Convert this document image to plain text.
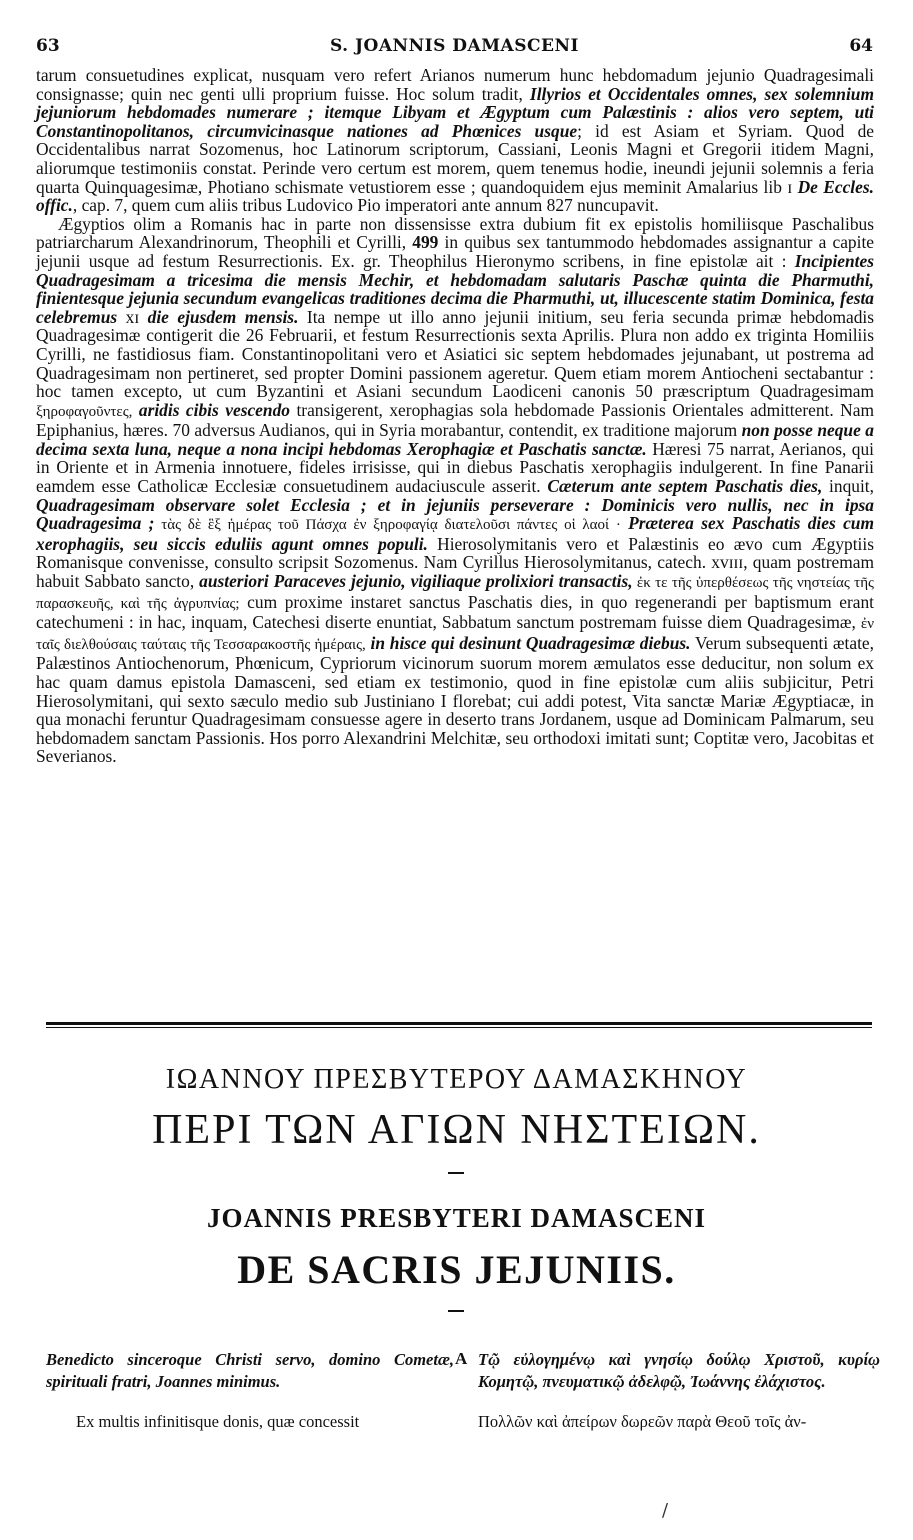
63	S. JOANNIS DAMASCENI	64

tarum consuetudines explicat, nusquam vero refert Arianos numerum hunc hebdomadum jejunio Quadragesimali consignasse; quin nec genti ulli proprium fuisse. Hoc solum tradit, Illyrios et Occidentales omnes, sex solemnium jejuniorum hebdomades numerare ; itemque Libyam et Ægyptum cum Palæstinis : alios vero septem, uti Constantinopolitanos, circumvicinasque nationes ad Phœnices usque; id est Asiam et Syriam. Quod de Occidentalibus narrat Sozomenus, hoc Latinorum scriptorum, Cassiani, Leonis Magni et Gregorii itidem Magni, aliorumque testimoniis constat. Perinde vero certum est morem, quem tenemus hodie, ineundi jejunii solemnis a feria quarta Quinquagesimæ, Photiano schismate vetustiorem esse ; quandoquidem ejus meminit Amalarius lib ɪ De Eccles. offic., cap. 7, quem cum aliis tribus Ludovico Pio imperatori ante annum 827 nuncupavit.

Ægyptios olim a Romanis hac in parte non dissensisse extra dubium fit ex epistolis homiliisque Paschalibus patriarcharum Alexandrinorum, Theophili et Cyrilli, 499 in quibus sex tantummodo hebdomades assignantur a capite jejunii usque ad festum Resurrectionis. Ex. gr. Theophilus Hieronymo scribens, in fine epistolæ ait : Incipientes Quadragesimam a tricesima die mensis Mechir, et hebdomadam salutaris Paschæ quinta die Pharmuthi, finientesque jejunia secundum evangelicas traditiones decima die Pharmuthi, ut, illucescente statim Dominica, festa celebremus xɪ die ejusdem mensis. Ita nempe ut illo anno jejunii initium, seu feria secunda primæ hebdomadis Quadragesimæ contigerit die 26 Februarii, et festum Resurrectionis sexta Aprilis. Plura non addo ex triginta Homiliis Cyrilli, ne fastidiosus fiam. Constantinopolitani vero et Asiatici sic septem hebdomades jejunabant, ut postrema ad Quadragesimam non pertineret, sed propter Domini passionem ageretur. Quem etiam morem Antiocheni sectabantur : hoc tamen excepto, ut cum Byzantini et Asiani secundum Laodiceni canonis 50 præscriptum Quadragesimam ξηροφαγοῦντες, aridis cibis vescendo transigerent, xerophagias sola hebdomade Passionis Orientales admitterent. Nam Epiphanius, hæres. 70 adversus Audianos, qui in Syria morabantur, contendit, ex traditione majorum non posse neque a decima sexta luna, neque a nona incipi hebdomas Xerophagiæ et Paschatis sanctæ. Hæresi 75 narrat, Aerianos, qui in Oriente et in Armenia innotuere, fideles irrisisse, qui in diebus Paschatis xerophagiis indulgerent. In fine Panarii eamdem esse Catholicæ Ecclesiæ consuetudinem audaciuscule asserit. Cæterum ante septem Paschatis dies, inquit, Quadragesimam observare solet Ecclesia ; et in jejuniis perseverare : Dominicis vero nullis, nec in ipsa Quadragesima ; τὰς δὲ ἓξ ἡμέρας τοῦ Πάσχα ἐν ξηροφαγίᾳ διατελοῦσι πάντες οἱ λαοί · Præterea sex Paschatis dies cum xerophagiis, seu siccis eduliis agunt omnes populi. Hierosolymitanis vero et Palæstinis eo ævo cum Ægyptiis Romanisque convenisse, consulto scripsit Sozomenus. Nam Cyrillus Hierosolymitanus, catech. xvɪɪɪ, quam postremam habuit Sabbato sancto, austeriori Paraceves jejunio, vigiliaque prolixiori transactis, ἐκ τε τῆς ὑπερθέσεως τῆς νηστείας τῆς παρασκευῆς, καὶ τῆς ἀγρυπνίας; cum proxime instaret sanctus Paschatis dies, in quo regenerandi per baptismum erant catechumeni : in hac, inquam, Catechesi diserte enuntiat, Sabbatum sanctum postremam fuisse diem Quadragesimæ, ἐν ταῖς διελθούσαις ταύταις τῆς Τεσσαρακοστῆς ἡμέραις, in hisce qui desinunt Quadragesimæ diebus. Verum subsequenti ætate, Palæstinos Antiochenorum, Phœnicum, Cypriorum vicinorum suorum morem æmulatos esse deducitur, non solum ex hac quam damus epistola Damasceni, sed etiam ex testimonio, quod in fine epistolæ cum aliis subjicitur, Petri Hierosolymitani, qui sexto sæculo medio sub Justiniano I florebat; cui addi potest, Vita sanctæ Mariæ Ægyptiacæ, in qua monachi feruntur Quadragesimam consuesse agere in deserto trans Jordanem, usque ad Dominicam Palmarum, seu hebdomadem sanctam Passionis. Hos porro Alexandrini Melchitæ, seu orthodoxi imitati sunt; Coptitæ vero, Jacobitas et Severianos.

ΙΩΑΝΝΟΥ ΠΡΕΣΒΥΤΕΡΟΥ ΔΑΜΑΣΚΗΝΟΥ
ΠΕΡΙ ΤΩΝ ΑΓΙΩΝ ΝΗΣΤΕΙΩΝ.
JOANNIS PRESBYTERI DAMASCENI
DE SACRIS JEJUNIIS.

Benedicto sinceroque Christi servo, domino Cometæ, spirituali fratri, Joannes minimus.

Ex multis infinitisque donis, quæ concessit

A Τῷ εὐλογημένῳ καὶ γνησίῳ δούλῳ Χριστοῦ, κυρίῳ Κομητῷ, πνευματικῷ ἀδελφῷ, Ἰωάννης ἐλάχιστος.

Πολλῶν καὶ ἀπείρων δωρεῶν παρὰ Θεοῦ τοῖς ἀν-

/
